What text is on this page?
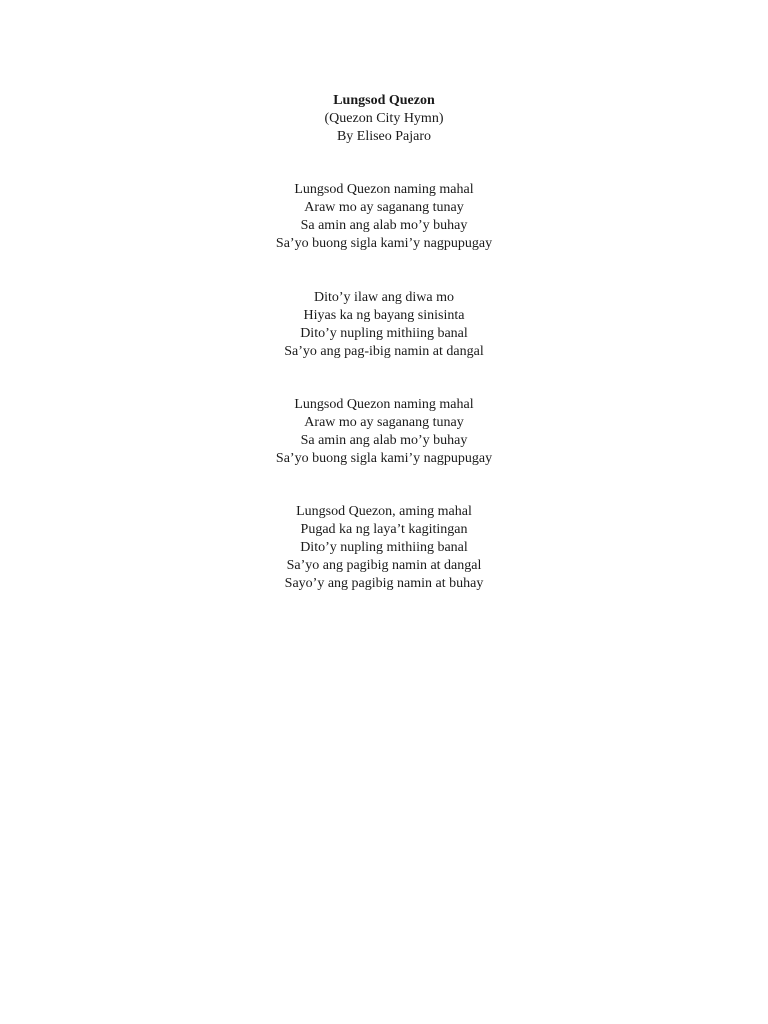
Lungsod Quezon
(Quezon City Hymn)
By Eliseo Pajaro
Lungsod Quezon naming mahal
Araw mo ay saganang tunay
Sa amin ang alab mo’y buhay
Sa’yo buong sigla kami’y nagpupugay
Dito’y ilaw ang diwa mo
Hiyas ka ng bayang sinisinta
Dito’y nupling mithiing banal
Sa’yo ang pag-ibig namin at dangal
Lungsod Quezon naming mahal
Araw mo ay saganang tunay
Sa amin ang alab mo’y buhay
Sa’yo buong sigla kami’y nagpupugay
Lungsod Quezon, aming mahal
Pugad ka ng laya’t kagitingan
Dito’y nupling mithiing banal
Sa’yo ang pagibig namin at dangal
Sayo’y ang pagibig namin at buhay
